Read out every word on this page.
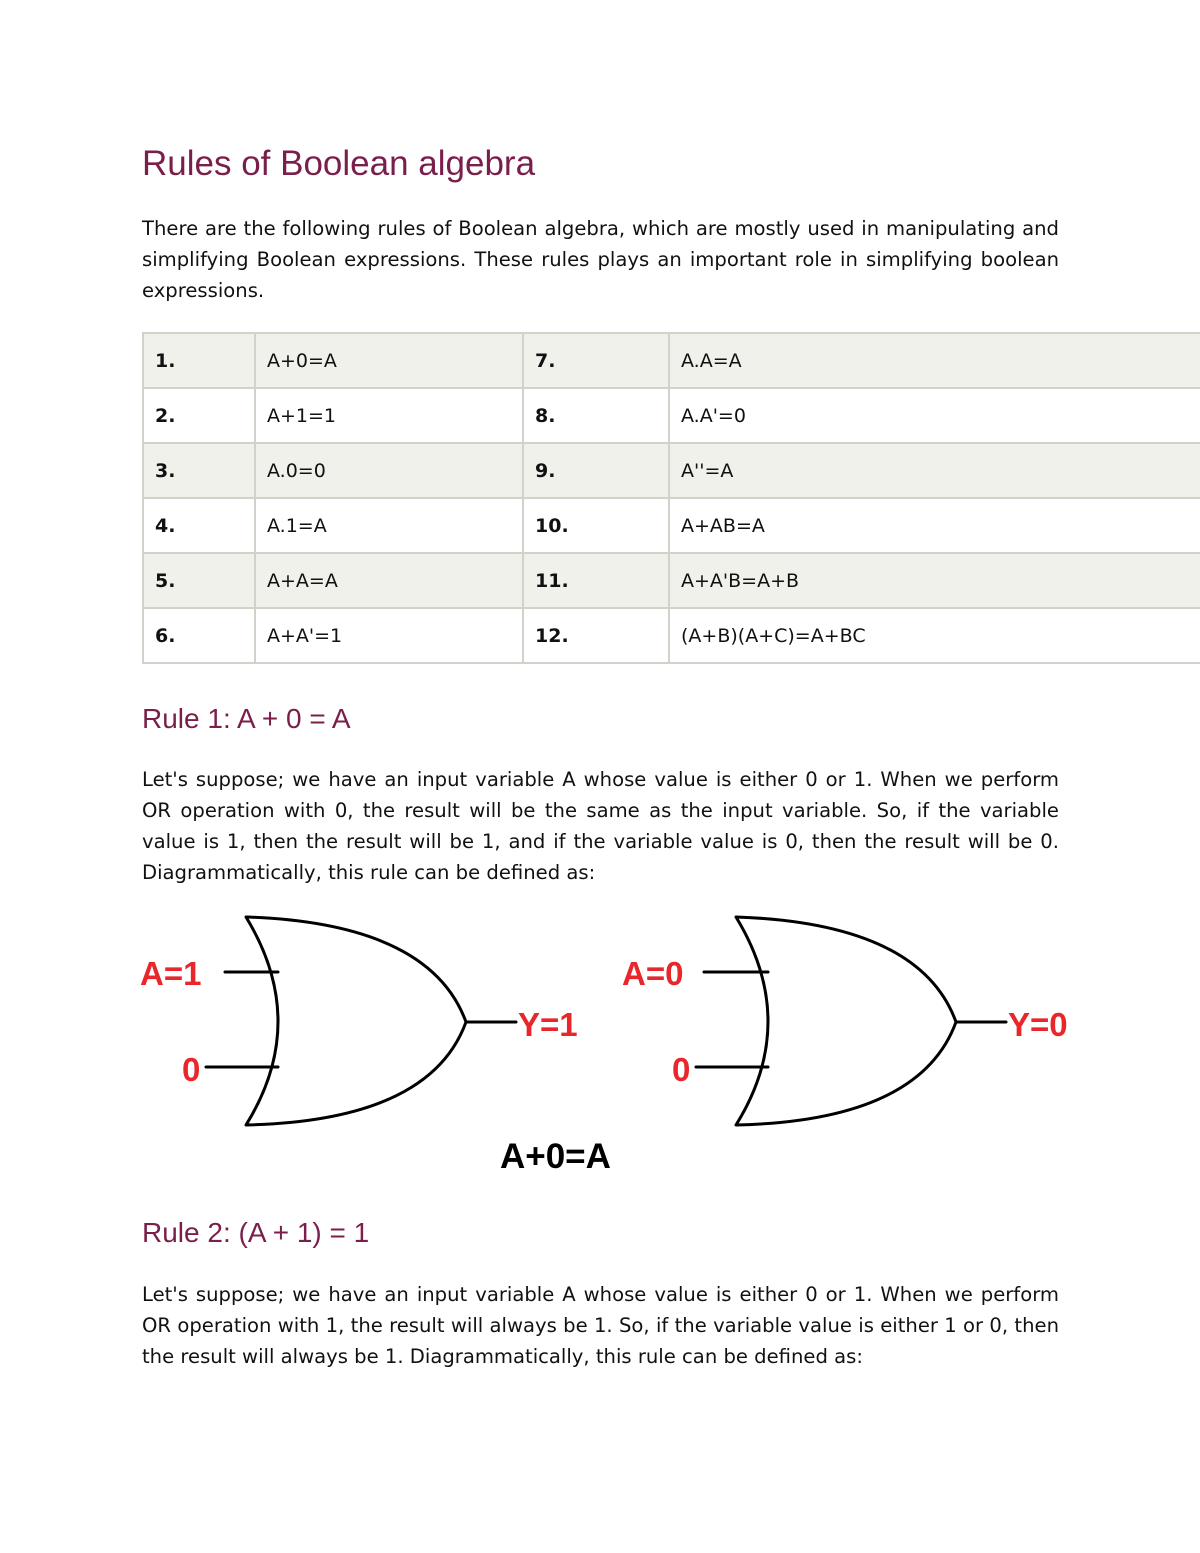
Rules of Boolean algebra

There are the following rules of Boolean algebra, which are mostly used in manipulating and simplifying Boolean expressions. These rules plays an important role in simplifying boolean expressions.

1.	A+0=A	7.	A.A=A
2.	A+1=1	8.	A.A'=0
3.	A.0=0	9.	A''=A
4.	A.1=A	10.	A+AB=A
5.	A+A=A	11.	A+A'B=A+B
6.	A+A'=1	12.	(A+B)(A+C)=A+BC
Rule 1: A + 0 = A

Let's suppose; we have an input variable A whose value is either 0 or 1. When we perform OR operation with 0, the result will be the same as the input variable. So, if the variable value is 1, then the result will be 1, and if the variable value is 0, then the result will be 0. Diagrammatically, this rule can be defined as:

A=1
0
Y=1
A=0
0
Y=0
A+0=A
Rule 2: (A + 1) = 1

Let's suppose; we have an input variable A whose value is either 0 or 1. When we perform OR operation with 1, the result will always be 1. So, if the variable value is either 1 or 0, then the result will always be 1. Diagrammatically, this rule can be defined as:
